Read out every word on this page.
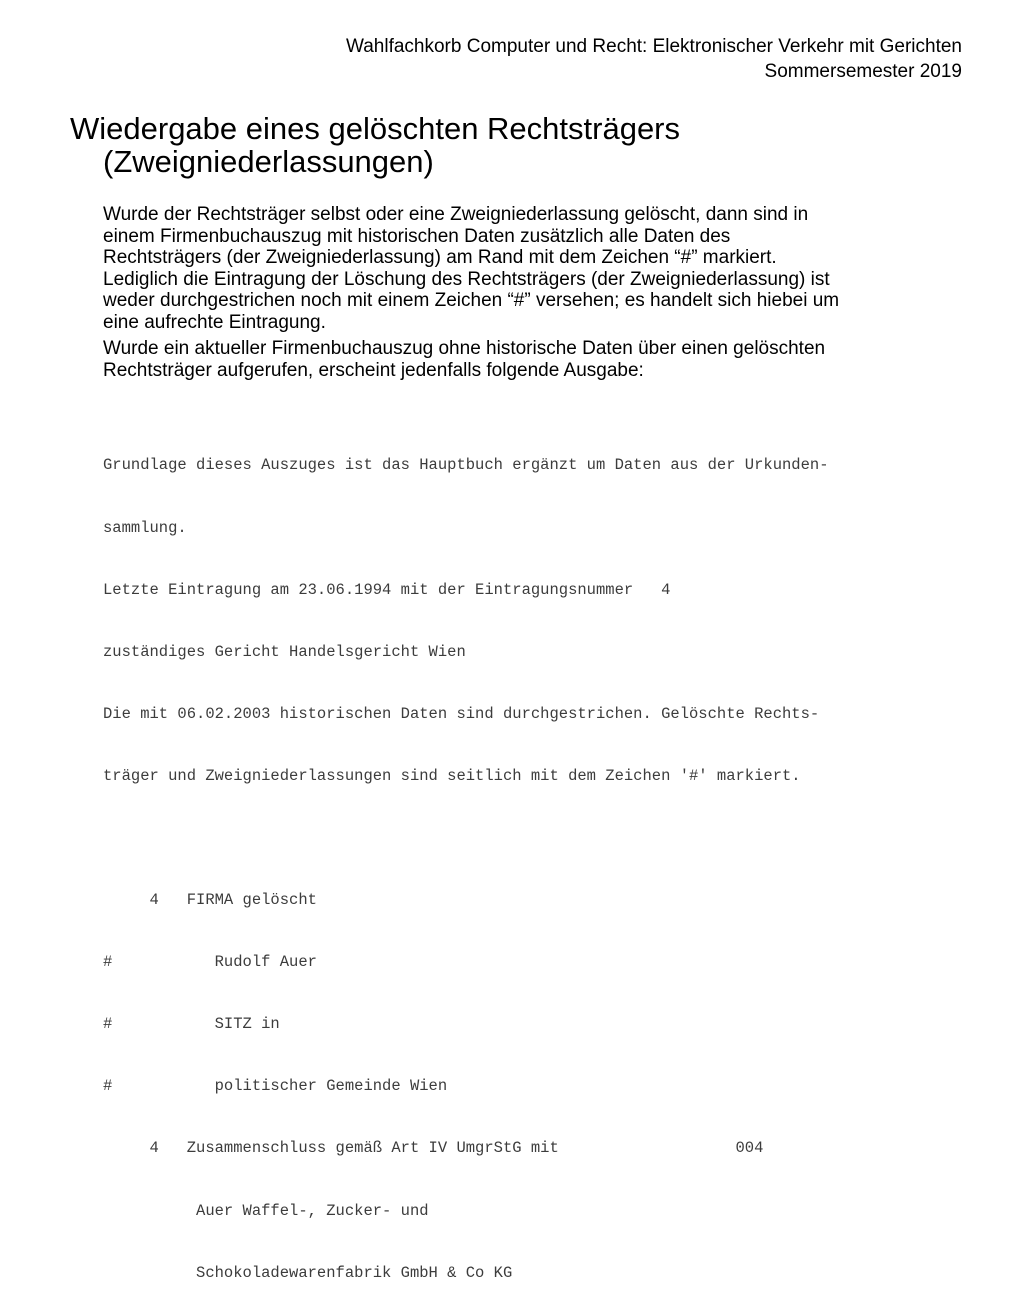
Wahlfachkorb Computer und Recht: Elektronischer Verkehr mit Gerichten
Sommersemester 2019
Wiedergabe eines gelöschten Rechtsträgers
(Zweigniederlassungen)

Wurde der Rechtsträger selbst oder eine Zweigniederlassung gelöscht, dann sind in

einem Firmenbuchauszug mit historischen Daten zusätzlich alle Daten des

Rechtsträgers (der Zweigniederlassung) am Rand mit dem Zeichen “#” markiert.

Lediglich die Eintragung der Löschung des Rechtsträgers (der Zweigniederlassung) ist

weder durchgestrichen noch mit einem Zeichen “#” versehen; es handelt sich hiebei um

eine aufrechte Eintragung.

Wurde ein aktueller Firmenbuchauszug ohne historische Daten über einen gelöschten

Rechtsträger aufgerufen, erscheint jedenfalls folgende Ausgabe:

Grundlage dieses Auszuges ist das Hauptbuch ergänzt um Daten aus der Urkunden-

sammlung.

Letzte Eintragung am 23.06.1994 mit der Eintragungsnummer   4

zuständiges Gericht Handelsgericht Wien

Die mit 06.02.2003 historischen Daten sind durchgestrichen. Gelöschte Rechts-

träger und Zweigniederlassungen sind seitlich mit dem Zeichen '#' markiert.

4   FIRMA gelöscht

#           Rudolf Auer

#           SITZ in

#           politischer Gemeinde Wien

4   Zusammenschluss gemäß Art IV UmgrStG mit                   004

Auer Waffel-, Zucker- und

Schokoladewarenfabrik GmbH & Co KG
